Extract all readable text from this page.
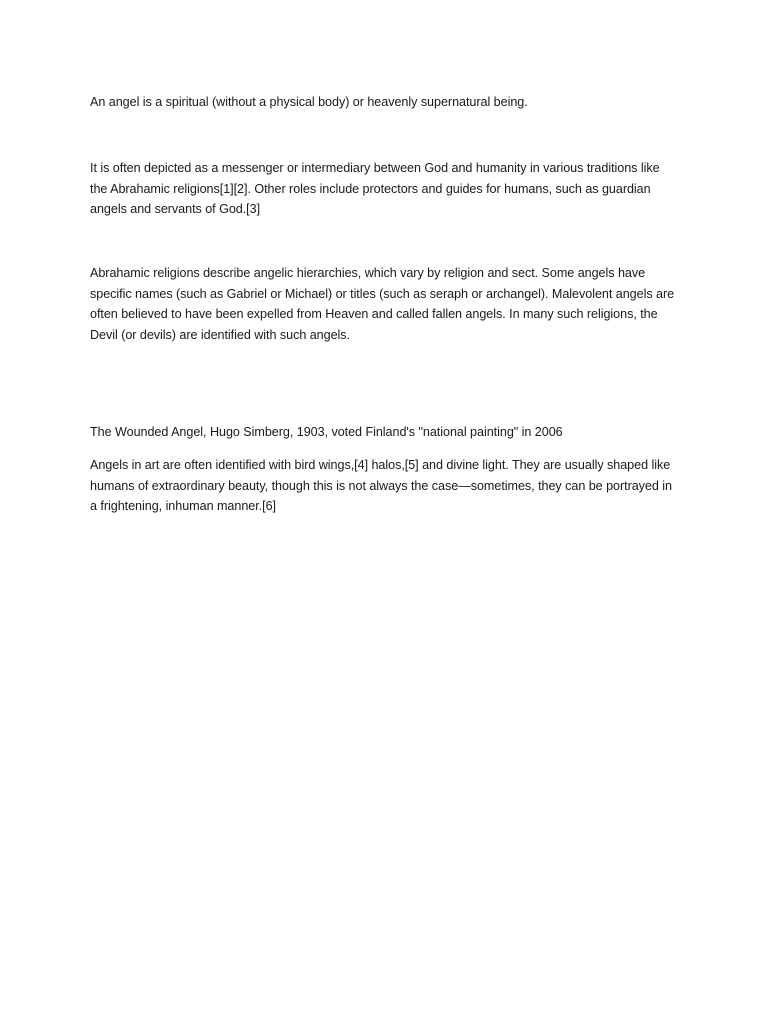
An angel is a spiritual (without a physical body) or heavenly supernatural being.

It is often depicted as a messenger or intermediary between God and humanity in various traditions like the Abrahamic religions[1][2]. Other roles include protectors and guides for humans, such as guardian angels and servants of God.[3]

Abrahamic religions describe angelic hierarchies, which vary by religion and sect. Some angels have specific names (such as Gabriel or Michael) or titles (such as seraph or archangel). Malevolent angels are often believed to have been expelled from Heaven and called fallen angels. In many such religions, the Devil (or devils) are identified with such angels.

The Wounded Angel, Hugo Simberg, 1903, voted Finland's "national painting" in 2006

Angels in art are often identified with bird wings,[4] halos,[5] and divine light. They are usually shaped like humans of extraordinary beauty, though this is not always the case—sometimes, they can be portrayed in a frightening, inhuman manner.[6]
